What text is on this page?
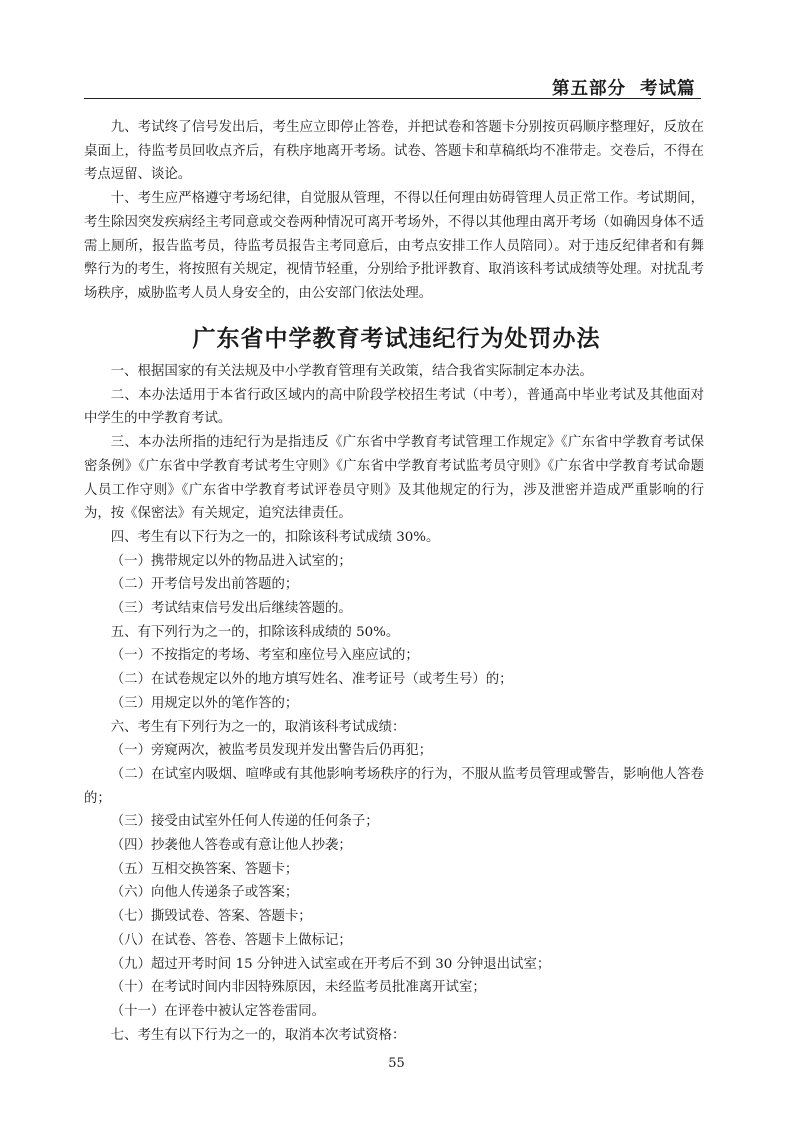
第五部分 考试篇

九、考试终了信号发出后，考生应立即停止答卷，并把试卷和答题卡分别按页码顺序整理好，反放在桌面上，待监考员回收点齐后，有秩序地离开考场。试卷、答题卡和草稿纸均不准带走。交卷后，不得在考点逗留、谈论。

十、考生应严格遵守考场纪律，自觉服从管理，不得以任何理由妨碍管理人员正常工作。考试期间，考生除因突发疾病经主考同意或交卷两种情况可离开考场外，不得以其他理由离开考场（如确因身体不适需上厕所，报告监考员，待监考员报告主考同意后，由考点安排工作人员陪同）。对于违反纪律者和有舞弊行为的考生，将按照有关规定，视情节轻重，分别给予批评教育、取消该科考试成绩等处理。对扰乱考场秩序，威胁监考人员人身安全的，由公安部门依法处理。

广东省中学教育考试违纪行为处罚办法

一、根据国家的有关法规及中小学教育管理有关政策，结合我省实际制定本办法。

二、本办法适用于本省行政区域内的高中阶段学校招生考试（中考），普通高中毕业考试及其他面对中学生的中学教育考试。

三、本办法所指的违纪行为是指违反《广东省中学教育考试管理工作规定》《广东省中学教育考试保密条例》《广东省中学教育考试考生守则》《广东省中学教育考试监考员守则》《广东省中学教育考试命题人员工作守则》《广东省中学教育考试评卷员守则》及其他规定的行为，涉及泄密并造成严重影响的行为，按《保密法》有关规定，追究法律责任。

四、考生有以下行为之一的，扣除该科考试成绩 30%。

（一）携带规定以外的物品进入试室的；

（二）开考信号发出前答题的；

（三）考试结束信号发出后继续答题的。

五、有下列行为之一的，扣除该科成绩的 50%。

（一）不按指定的考场、考室和座位号入座应试的；

（二）在试卷规定以外的地方填写姓名、准考证号（或考生号）的；

（三）用规定以外的笔作答的；

六、考生有下列行为之一的，取消该科考试成绩：

（一）旁窥两次，被监考员发现并发出警告后仍再犯；

（二）在试室内吸烟、喧哗或有其他影响考场秩序的行为，不服从监考员管理或警告，影响他人答卷的；

（三）接受由试室外任何人传递的任何条子；

（四）抄袭他人答卷或有意让他人抄袭；

（五）互相交换答案、答题卡；

（六）向他人传递条子或答案；

（七）撕毁试卷、答案、答题卡；

（八）在试卷、答卷、答题卡上做标记；

（九）超过开考时间 15 分钟进入试室或在开考后不到 30 分钟退出试室；

（十）在考试时间内非因特殊原因，未经监考员批准离开试室；

（十一）在评卷中被认定答卷雷同。

七、考生有以下行为之一的，取消本次考试资格：

55
